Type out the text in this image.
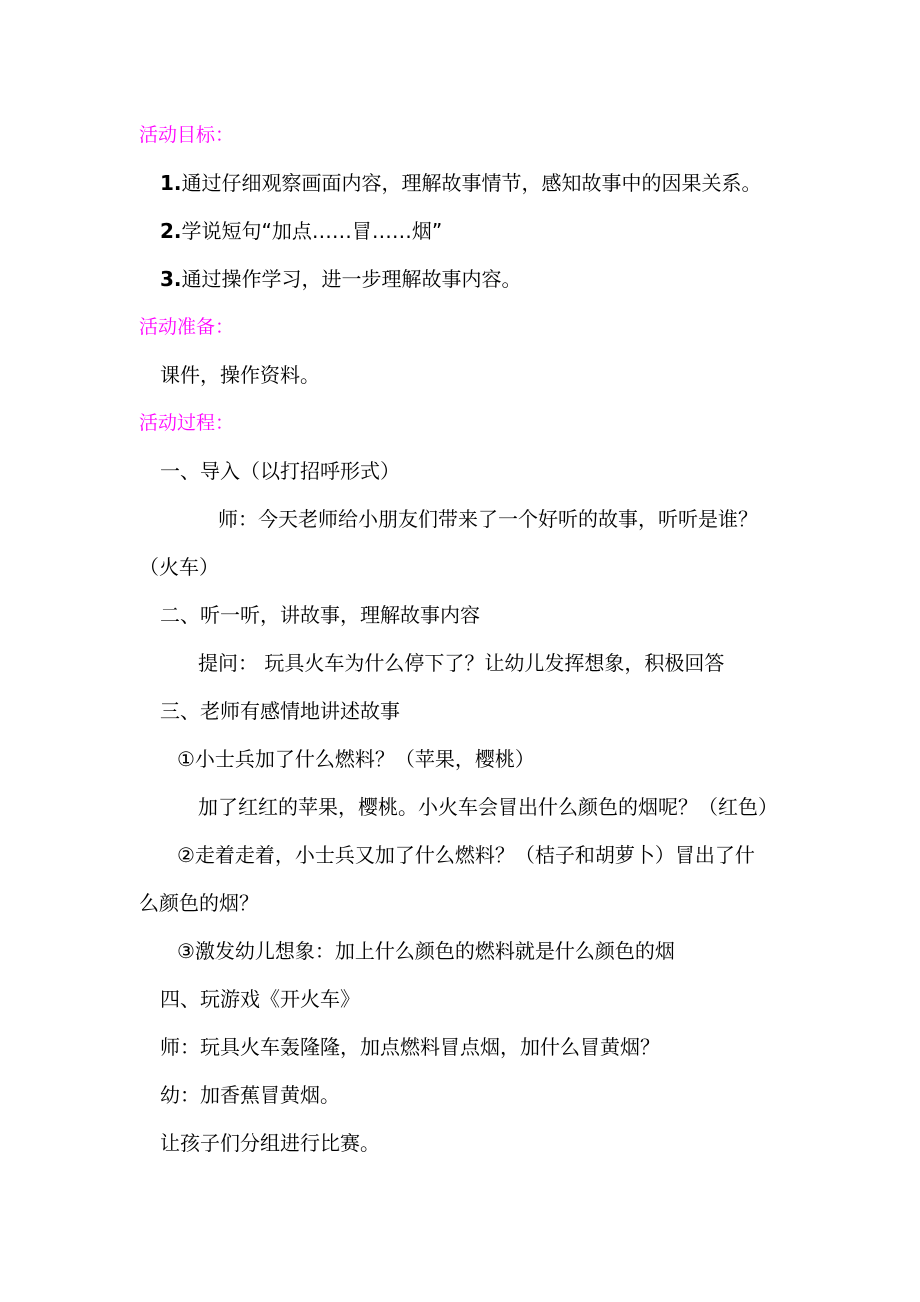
活动目标：
1.通过仔细观察画面内容，理解故事情节，感知故事中的因果关系。
2.学说短句“加点……冒……烟”
3.通过操作学习，进一步理解故事内容。
活动准备：
课件，操作资料。
活动过程：
一、导入（以打招呼形式）
师：今天老师给小朋友们带来了一个好听的故事，听听是谁？
（火车）
二、听一听，讲故事，理解故事内容
提问： 玩具火车为什么停下了？让幼儿发挥想象，积极回答
三、老师有感情地讲述故事
①小士兵加了什么燃料？（苹果，樱桃）
加了红红的苹果，樱桃。小火车会冒出什么颜色的烟呢？（红色）
②走着走着，小士兵又加了什么燃料？（桔子和胡萝卜）冒出了什
么颜色的烟？
③激发幼儿想象：加上什么颜色的燃料就是什么颜色的烟
四、玩游戏《开火车》
师：玩具火车轰隆隆，加点燃料冒点烟，加什么冒黄烟？
幼：加香蕉冒黄烟。
让孩子们分组进行比赛。
